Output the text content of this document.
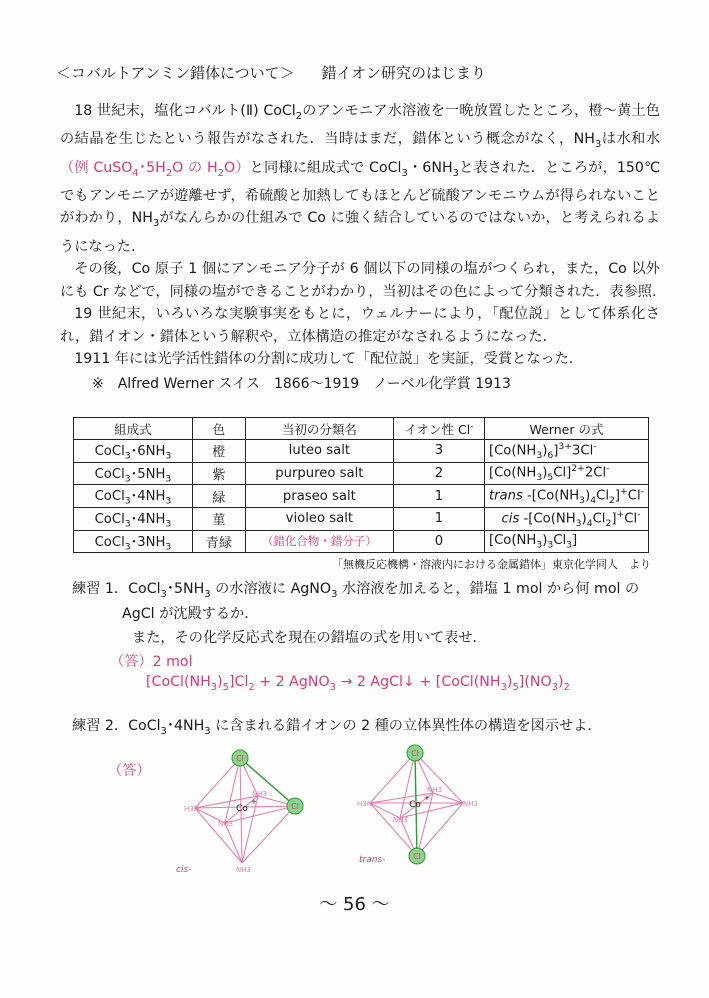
＜コバルトアンミン錯体について＞ 錯イオン研究のはじまり

18 世紀末，塩化コバルト(Ⅱ) CoCl$_2$のアンモニア水溶液を一晩放置したところ，橙～黄土色の結晶を生じたという報告がなされた．当時はまだ，錯体という概念がなく，$NH_3$は水和水（例 CuSO$_4$･$5H_2O$ の $H_2O$）と同様に組成式で CoCl$_3$・$6NH_3$と表された．ところが，150℃でもアンモニアが遊離せず，希硫酸と加熱してもほとんど硫酸アンモニウムが得られないことがわかり，$NH_3$がなんらかの仕組みで Co に強く結合しているのではないか，と考えられるようになった.

その後，Co 原子 1 個にアンモニア分子が 6 個以下の同様の塩がつくられ，また，Co 以外にも Cr などで，同様の塩ができることがわかり，当初はその色によって分類された．表参照.

19 世紀末，いろいろな実験事実をもとに，ウェルナーにより，「配位説」として体系化され，錯イオン・錯体という解釈や，立体構造の推定がなされるようになった.

1911 年には光学活性錯体の分割に成功して「配位説」を実証，受賞となった.

※　Alfred Werner スイス　1866～1919　ノーベル化学賞 1913
組成式	色	当初の分類名	イオン性 Cl-	Werner の式
CoCl$_3$･$6NH_3$	橙	luteo salt	3	$[Co(NH_3)_6]^{3+}3Cl^-$
CoCl$_3$･$5NH_3$	紫	purpureo salt	2	$[Co(NH_3)_5Cl]^{2+}2Cl^-$
CoCl$_3$･$4NH_3$	緑	praseo salt	1	trans $-[Co(NH_3)_4Cl_2]^+Cl^-$
CoCl$_3$･$4NH_3$	菫	violeo salt	1	cis $-[Co(NH_3)_4Cl_2]^+Cl^-$
CoCl$_3$･$3NH_3$	青緑	（錯化合物・錯分子）	0	$[Co(NH_3)_3Cl_3]$
「無機反応機構・溶液内における金属錯体」東京化学同人　より
練習 1．CoCl$_3$･$5NH_3$ の水溶液に AgNO$_3$ 水溶液を加えると，錯塩 1 mol から何 mol の
AgCl が沈殿するか.
また，その化学反応式を現在の錯塩の式を用いて表せ.
（答）2 mol
$[CoCl(NH_3)_5]Cl_2 + 2$ AgNO$_3$ → 2 AgCl↓ + $[CoCl(NH_3)_5](NO_3)_2$
練習 2．CoCl$_3$･$4NH_3$ に含まれる錯イオンの 2 種の立体異性体の構造を図示せよ.
（答）
Cl
Cl
Co
+
H3N
NH3
NH3
NH3
cis-
Cl
Cl
Co
+
H3N
NH3
NH3
NH3
trans-
～ 56 ～
